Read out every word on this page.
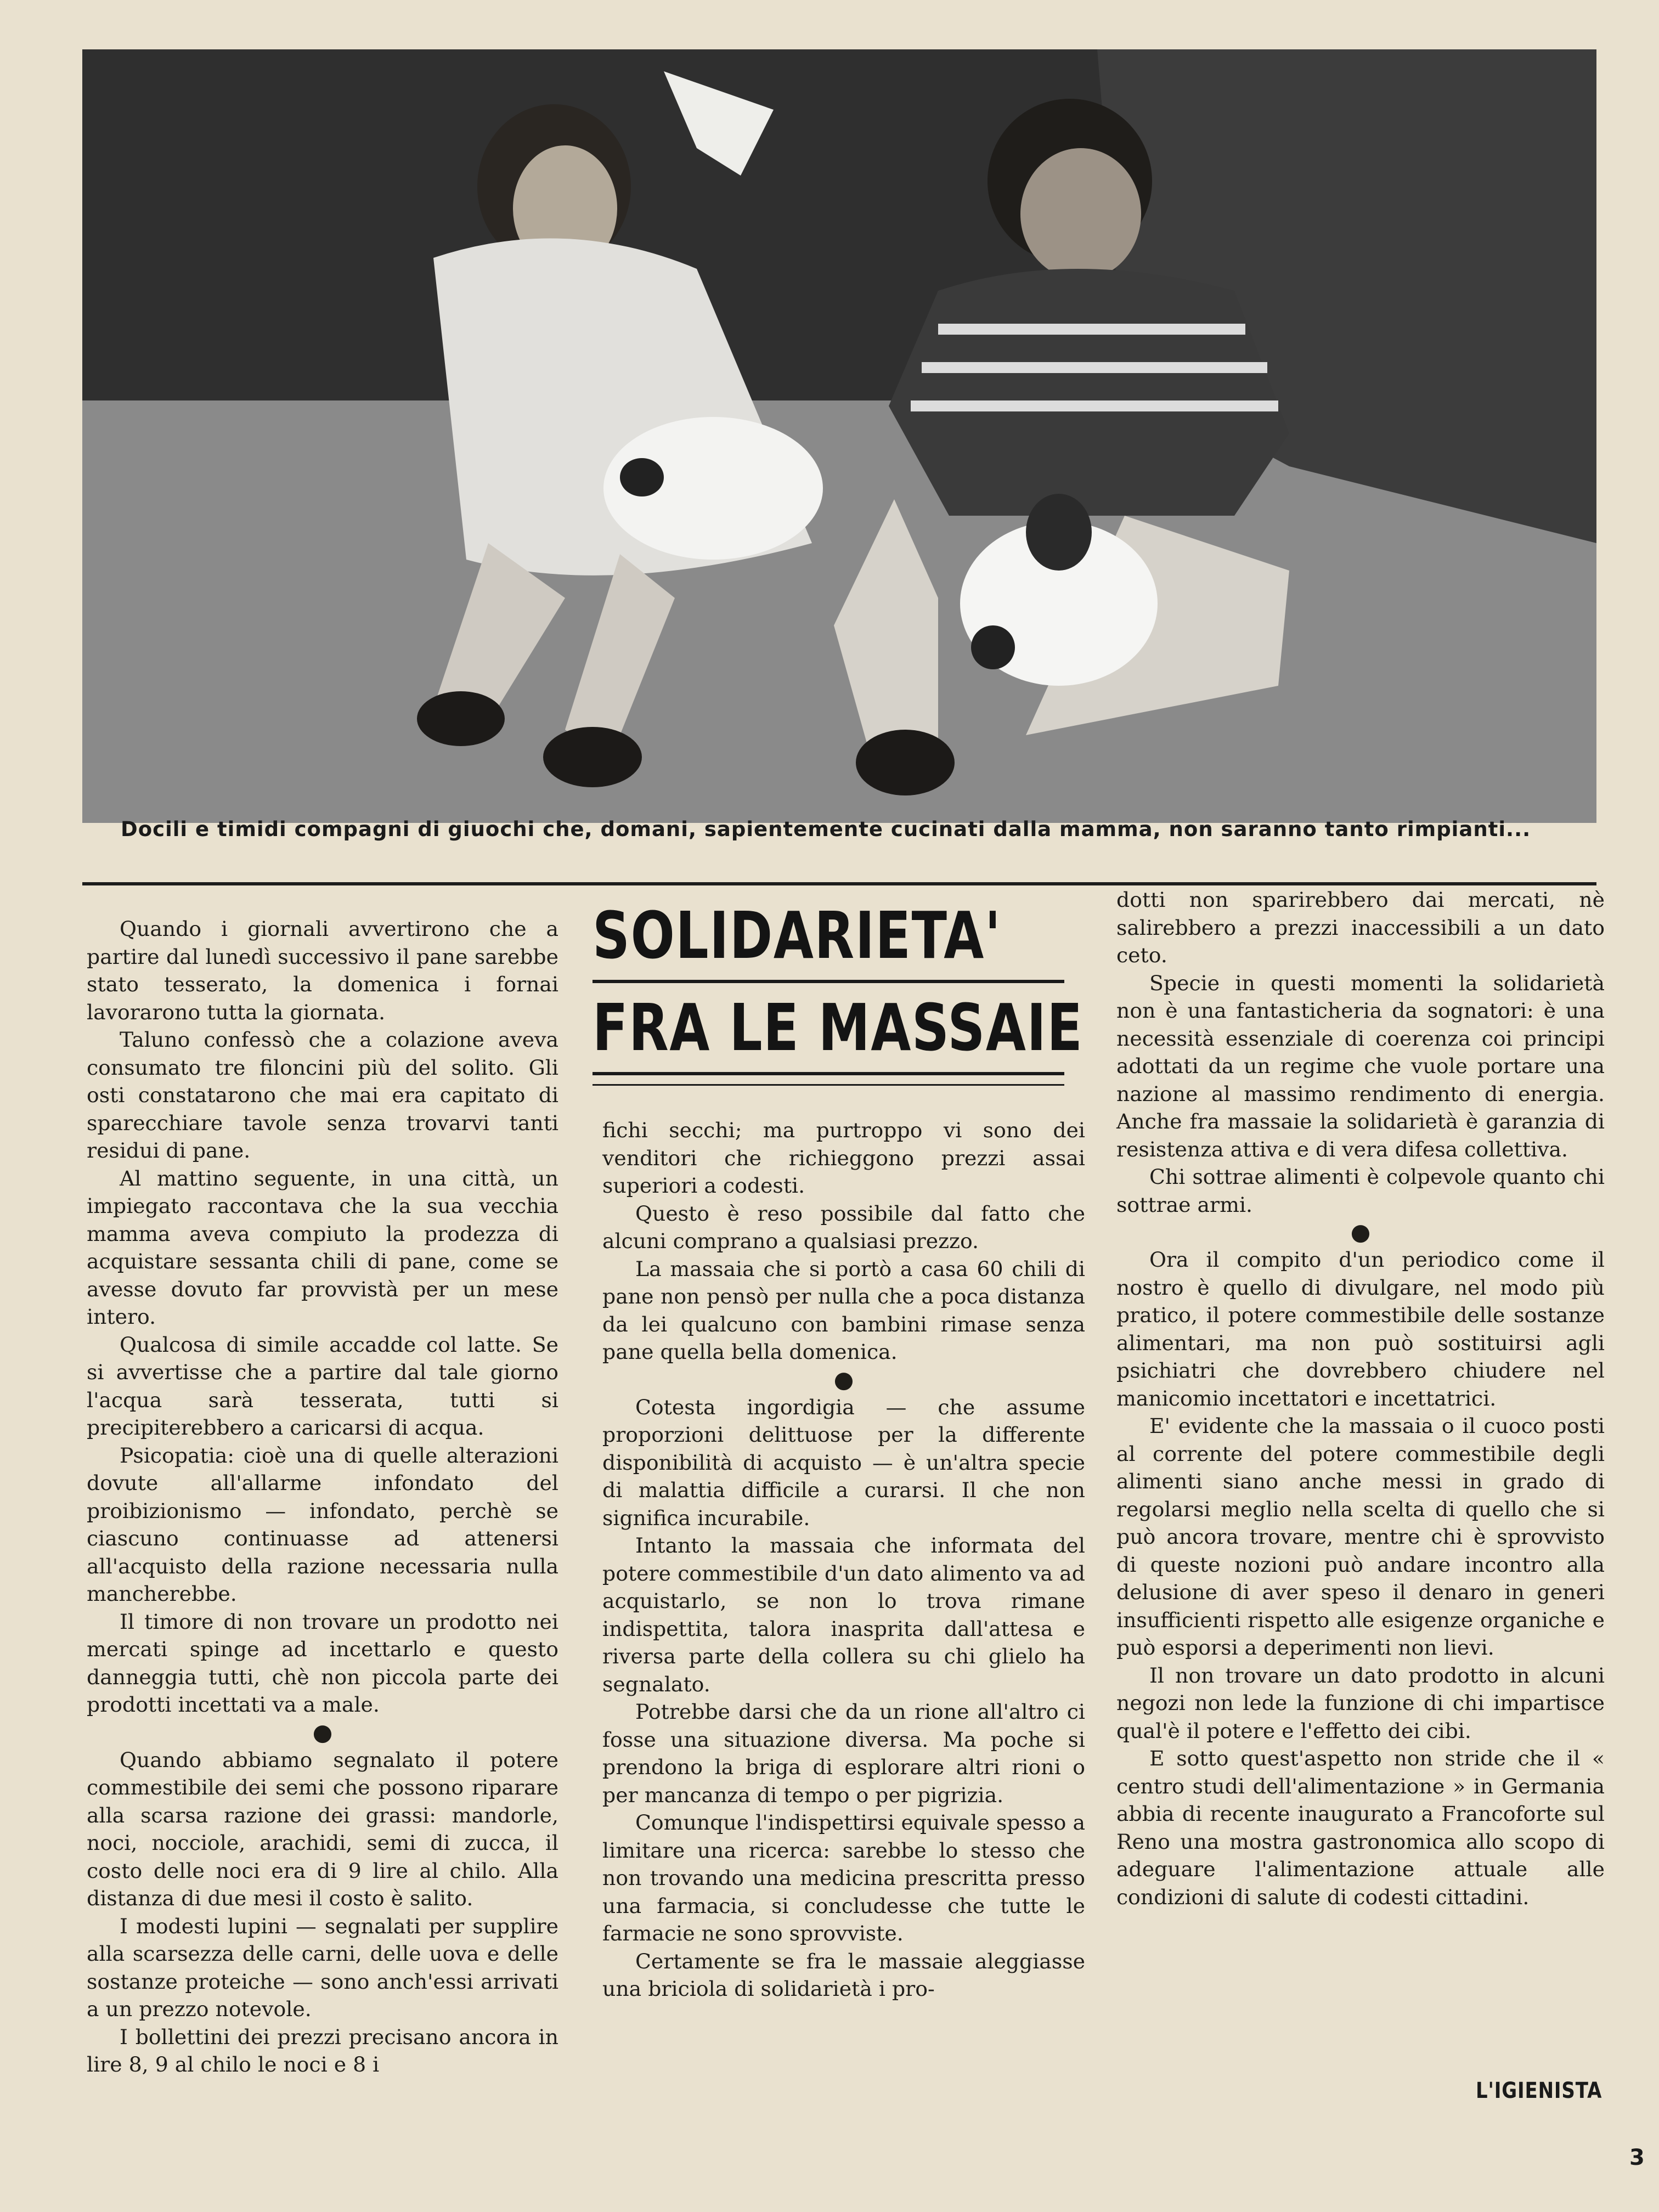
Docili e timidi compagni di giuochi che, domani, sapientemente cucinati dalla mamma, non saranno tanto rimpianti...

Quando i giornali avvertirono che a partire dal lunedì successivo il pane sarebbe stato tesserato, la domenica i fornai lavorarono tutta la giornata.

Taluno confessò che a colazione aveva consumato tre filoncini più del solito. Gli osti constatarono che mai era capitato di sparecchiare tavole senza trovarvi tanti residui di pane.

Al mattino seguente, in una città, un impiegato raccontava che la sua vecchia mamma aveva compiuto la prodezza di acquistare sessanta chili di pane, come se avesse dovuto far provvistà per un mese intero.

Qualcosa di simile accadde col latte. Se si avvertisse che a partire dal tale giorno l'acqua sarà tesserata, tutti si precipiterebbero a caricarsi di acqua.

Psicopatia: cioè una di quelle alterazioni dovute all'allarme infondato del proibizionismo — infondato, perchè se ciascuno continuasse ad attenersi all'acquisto della razione necessaria nulla mancherebbe.

Il timore di non trovare un prodotto nei mercati spinge ad incettarlo e questo danneggia tutti, chè non piccola parte dei prodotti incettati va a male.

●

Quando abbiamo segnalato il potere commestibile dei semi che possono riparare alla scarsa razione dei grassi: mandorle, noci, nocciole, arachidi, semi di zucca, il costo delle noci era di 9 lire al chilo. Alla distanza di due mesi il costo è salito.

I modesti lupini — segnalati per supplire alla scarsezza delle carni, delle uova e delle sostanze proteiche — sono anch'essi arrivati a un prezzo notevole.

I bollettini dei prezzi precisano ancora in lire 8, 9 al chilo le noci e 8 i

SOLIDARIETA'
FRA LE MASSAIE

fichi secchi; ma purtroppo vi sono dei venditori che richieggono prezzi assai superiori a codesti.

Questo è reso possibile dal fatto che alcuni comprano a qualsiasi prezzo.

La massaia che si portò a casa 60 chili di pane non pensò per nulla che a poca distanza da lei qualcuno con bambini rimase senza pane quella bella domenica.

●

Cotesta ingordigia — che assume proporzioni delittuose per la differente disponibilità di acquisto — è un'altra specie di malattia difficile a curarsi. Il che non significa incurabile.

Intanto la massaia che informata del potere commestibile d'un dato alimento va ad acquistarlo, se non lo trova rimane indispettita, talora inasprita dall'attesa e riversa parte della collera su chi glielo ha segnalato.

Potrebbe darsi che da un rione all'altro ci fosse una situazione diversa. Ma poche si prendono la briga di esplorare altri rioni o per mancanza di tempo o per pigrizia.

Comunque l'indispettirsi equivale spesso a limitare una ricerca: sarebbe lo stesso che non trovando una medicina prescritta presso una farmacia, si concludesse che tutte le farmacie ne sono sprovviste.

Certamente se fra le massaie aleggiasse una briciola di solidarietà i pro-

dotti non sparirebbero dai mercati, nè salirebbero a prezzi inaccessibili a un dato ceto.

Specie in questi momenti la solidarietà non è una fantasticheria da sognatori: è una necessità essenziale di coerenza coi principi adottati da un regime che vuole portare una nazione al massimo rendimento di energia. Anche fra massaie la solidarietà è garanzia di resistenza attiva e di vera difesa collettiva.

Chi sottrae alimenti è colpevole quanto chi sottrae armi.

●

Ora il compito d'un periodico come il nostro è quello di divulgare, nel modo più pratico, il potere commestibile delle sostanze alimentari, ma non può sostituirsi agli psichiatri che dovrebbero chiudere nel manicomio incettatori e incettatrici.

E' evidente che la massaia o il cuoco posti al corrente del potere commestibile degli alimenti siano anche messi in grado di regolarsi meglio nella scelta di quello che si può ancora trovare, mentre chi è sprovvisto di queste nozioni può andare incontro alla delusione di aver speso il denaro in generi insufficienti rispetto alle esigenze organiche e può esporsi a deperimenti non lievi.

Il non trovare un dato prodotto in alcuni negozi non lede la funzione di chi impartisce qual'è il potere e l'effetto dei cibi.

E sotto quest'aspetto non stride che il « centro studi dell'alimentazione » in Germania abbia di recente inaugurato a Francoforte sul Reno una mostra gastronomica allo scopo di adeguare l'alimentazione attuale alle condizioni di salute di codesti cittadini.

L'IGIENISTA
3
